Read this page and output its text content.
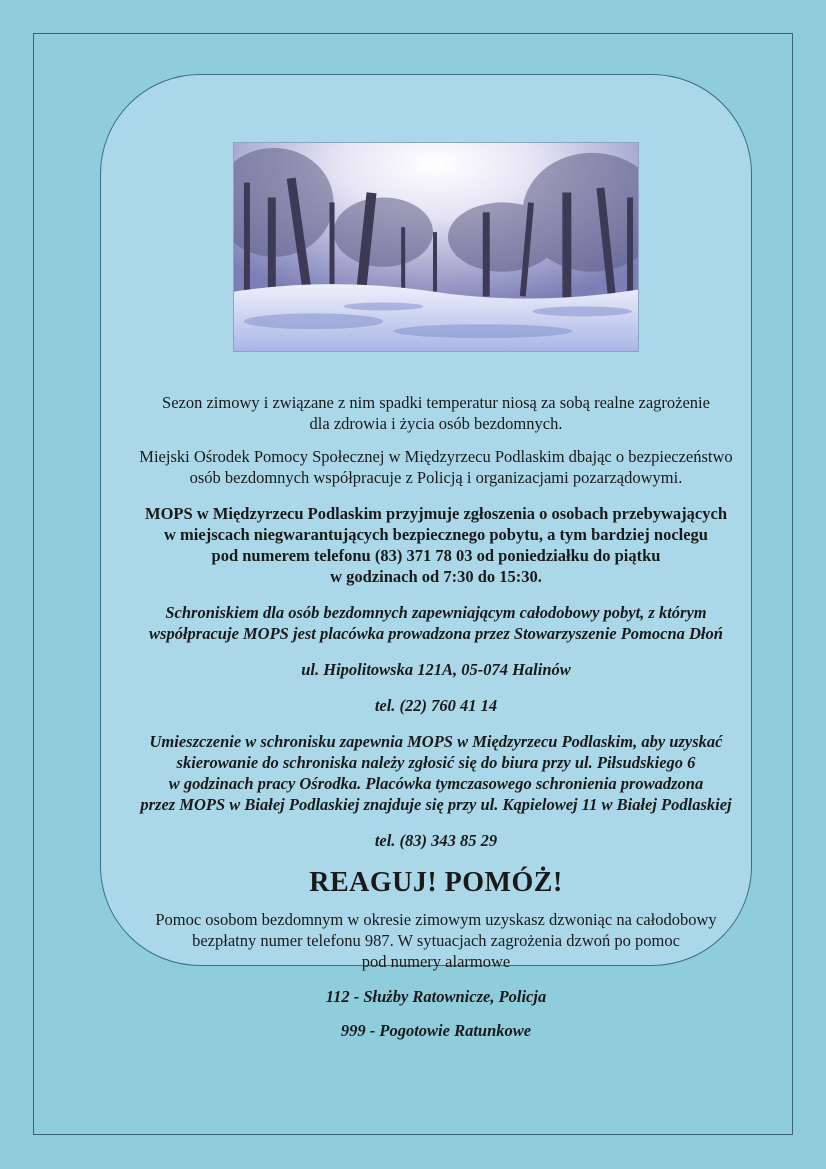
Sezon zimowy i związane z nim spadki temperatur niosą za sobą realne zagrożenie
dla zdrowia i życia osób bezdomnych.

Miejski Ośrodek Pomocy Społecznej w Międzyrzecu Podlaskim dbając o bezpieczeństwo
osób bezdomnych współpracuje z Policją i organizacjami pozarządowymi.

MOPS w Międzyrzecu Podlaskim przyjmuje zgłoszenia o osobach przebywających
w miejscach niegwarantujących bezpiecznego pobytu, a tym bardziej noclegu
pod numerem telefonu (83) 371 78 03 od poniedziałku do piątku
w godzinach od 7:30 do 15:30.

Schroniskiem dla osób bezdomnych zapewniającym całodobowy pobyt, z którym
współpracuje MOPS jest placówka prowadzona przez Stowarzyszenie Pomocna Dłoń

ul. Hipolitowska 121A, 05-074 Halinów

tel. (22) 760 41 14

Umieszczenie w schronisku zapewnia MOPS w Międzyrzecu Podlaskim, aby uzyskać
skierowanie do schroniska należy zgłosić się do biura przy ul. Piłsudskiego 6
w godzinach pracy Ośrodka. Placówka tymczasowego schronienia prowadzona
przez MOPS w Białej Podlaskiej znajduje się przy ul. Kąpielowej 11 w Białej Podlaskiej

tel. (83) 343 85 29

REAGUJ! POMÓŻ!

Pomoc osobom bezdomnym w okresie zimowym uzyskasz dzwoniąc na całodobowy
bezpłatny numer telefonu 987. W sytuacjach zagrożenia dzwoń po pomoc
pod numery alarmowe

112 - Służby Ratownicze, Policja

999 - Pogotowie Ratunkowe
